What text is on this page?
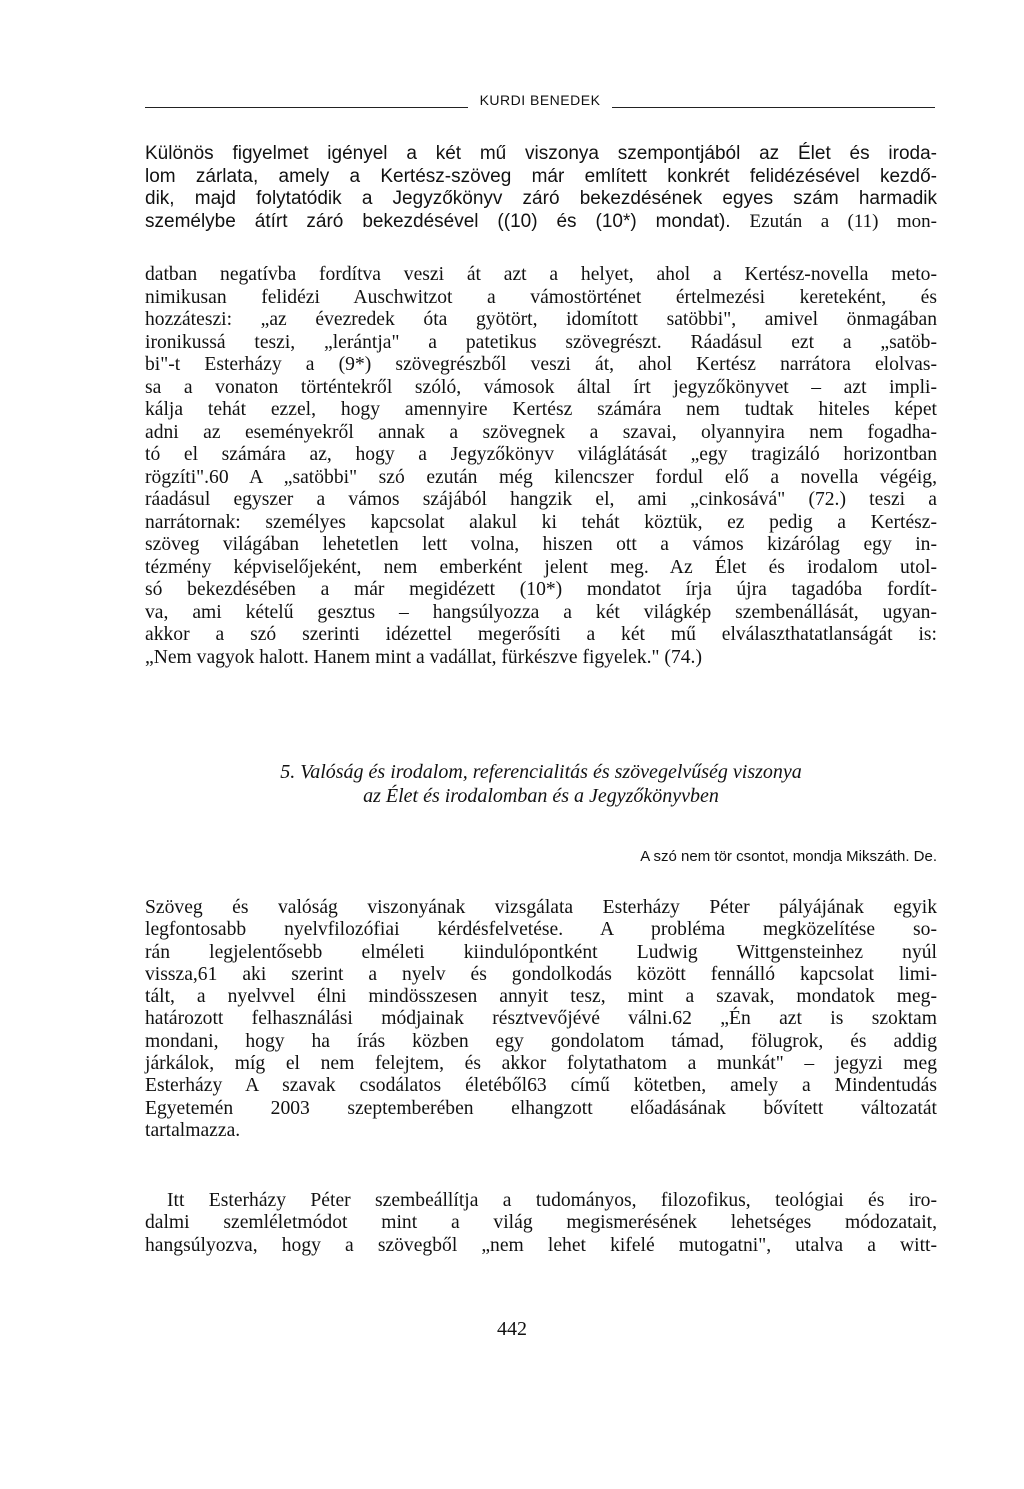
KURDI BENEDEK
Különös figyelmet igényel a két mű viszonya szempontjából az Élet és iroda-
lom zárlata, amely a Kertész-szöveg már említett konkrét felidézésével kezdő-
dik, majd folytatódik a Jegyzőkönyv záró bekezdésének egyes szám harmadik
személybe átírt záró bekezdésével ((10) és (10*) mondat). Ezután a (11) mon-
datban negatívba fordítva veszi át azt a helyet, ahol a Kertész-novella meto-
nimikusan felidézi Auschwitzot a vámostörténet értelmezési kereteként, és
hozzáteszi: „az évezredek óta gyötört, idomított satöbbi", amivel önmagában
ironikussá teszi, „lerántja" a patetikus szövegrészt. Ráadásul ezt a „satöb-
bi"-t Esterházy a (9*) szövegrészből veszi át, ahol Kertész narrátora elolvas-
sa a vonaton történtekről szóló, vámosok által írt jegyzőkönyvet – azt impli-
kálja tehát ezzel, hogy amennyire Kertész számára nem tudtak hiteles képet
adni az eseményekről annak a szövegnek a szavai, olyannyira nem fogadha-
tó el számára az, hogy a Jegyzőkönyv világlátását „egy tragizáló horizontban
rögzíti".60 A „satöbbi" szó ezután még kilencszer fordul elő a novella végéig,
ráadásul egyszer a vámos szájából hangzik el, ami „cinkosává" (72.) teszi a
narrátornak: személyes kapcsolat alakul ki tehát köztük, ez pedig a Kertész-
szöveg világában lehetetlen lett volna, hiszen ott a vámos kizárólag egy in-
tézmény képviselőjeként, nem emberként jelent meg. Az Élet és irodalom utol-
só bekezdésében a már megidézett (10*) mondatot írja újra tagadóba fordít-
va, ami kételű gesztus – hangsúlyozza a két világkép szembenállását, ugyan-
akkor a szó szerinti idézettel megerősíti a két mű elválaszthatatlanságát is:
„Nem vagyok halott. Hanem mint a vadállat, fürkészve figyelek." (74.)
5. Valóság és irodalom, referencialitás és szövegelvűség viszonya
az Élet és irodalomban és a Jegyzőkönyvben
A szó nem tör csontot, mondja Mikszáth. De.
Szöveg és valóság viszonyának vizsgálata Esterházy Péter pályájának egyik
legfontosabb nyelvfilozófiai kérdésfelvetése. A probléma megközelítése so-
rán legjelentősebb elméleti kiindulópontként Ludwig Wittgensteinhez nyúl
vissza,61 aki szerint a nyelv és gondolkodás között fennálló kapcsolat limi-
tált, a nyelvvel élni mindösszesen annyit tesz, mint a szavak, mondatok meg-
határozott felhasználási módjainak résztvevőjévé válni.62 „Én azt is szoktam
mondani, hogy ha írás közben egy gondolatom támad, fölugrok, és addig
járkálok, míg el nem felejtem, és akkor folytathatom a munkát" – jegyzi meg
Esterházy A szavak csodálatos életéből63 című kötetben, amely a Mindentudás
Egyetemén 2003 szeptemberében elhangzott előadásának bővített változatát
tartalmazza.
Itt Esterházy Péter szembeállítja a tudományos, filozofikus, teológiai és iro-
dalmi szemléletmódot mint a világ megismerésének lehetséges módozatait,
hangsúlyozva, hogy a szövegből „nem lehet kifelé mutogatni", utalva a witt-
442
